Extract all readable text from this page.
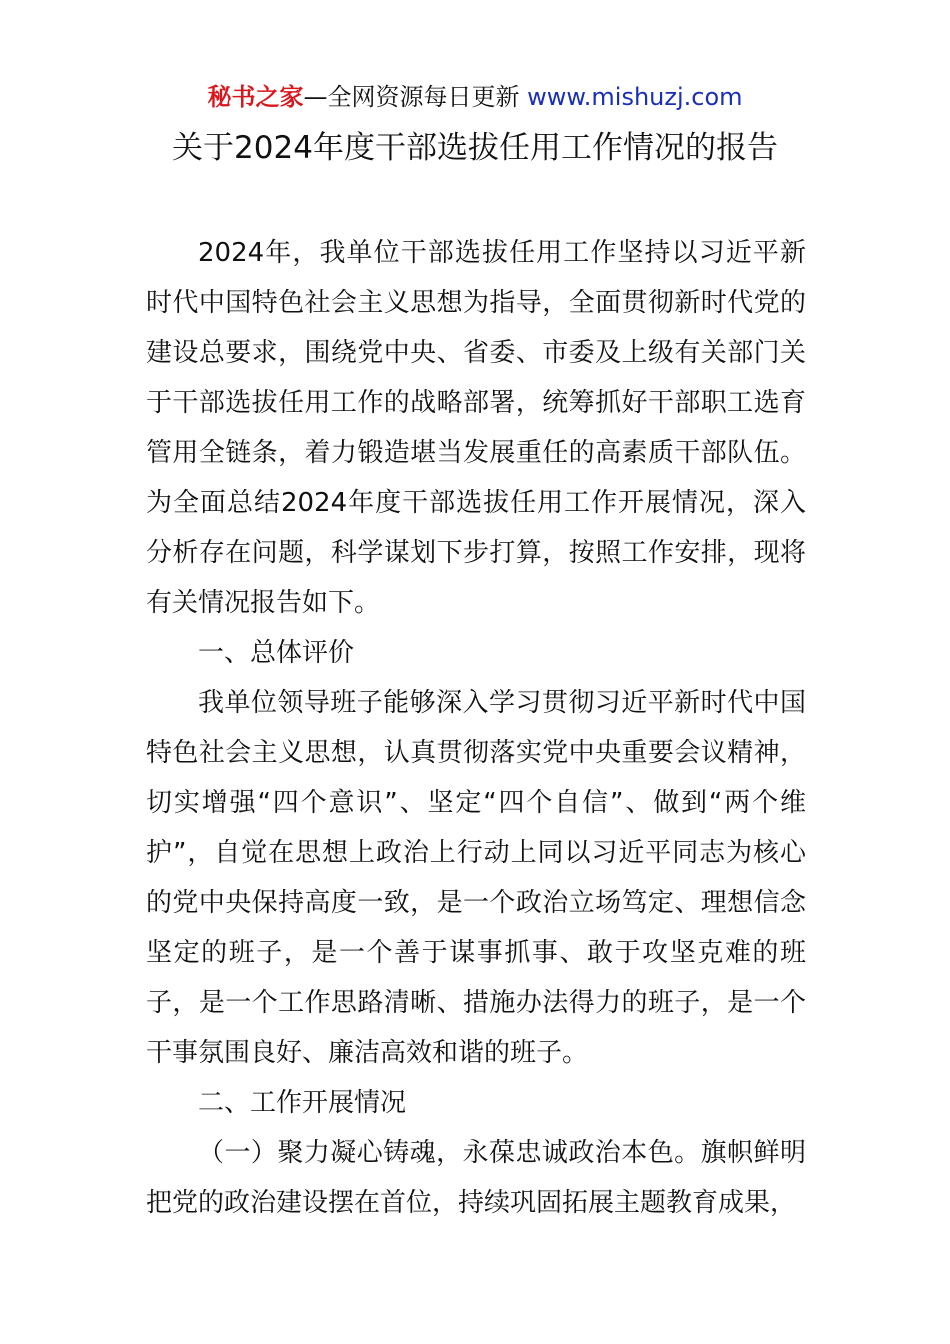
秘书之家—全网资源每日更新 www.mishuzj.com
关于2024年度干部选拔任用工作情况的报告

2024年，我单位干部选拔任用工作坚持以习近平新时代中国特色社会主义思想为指导，全面贯彻新时代党的建设总要求，围绕党中央、省委、市委及上级有关部门关于干部选拔任用工作的战略部署，统筹抓好干部职工选育管用全链条，着力锻造堪当发展重任的高素质干部队伍。为全面总结2024年度干部选拔任用工作开展情况，深入分析存在问题，科学谋划下步打算，按照工作安排，现将有关情况报告如下。

一、总体评价

我单位领导班子能够深入学习贯彻习近平新时代中国特色社会主义思想，认真贯彻落实党中央重要会议精神，切实增强“四个意识”、坚定“四个自信”、做到“两个维护”，自觉在思想上政治上行动上同以习近平同志为核心的党中央保持高度一致，是一个政治立场笃定、理想信念坚定的班子，是一个善于谋事抓事、敢于攻坚克难的班子，是一个工作思路清晰、措施办法得力的班子，是一个干事氛围良好、廉洁高效和谐的班子。

二、工作开展情况

（一）聚力凝心铸魂，永葆忠诚政治本色。旗帜鲜明把党的政治建设摆在首位，持续巩固拓展主题教育成果，
